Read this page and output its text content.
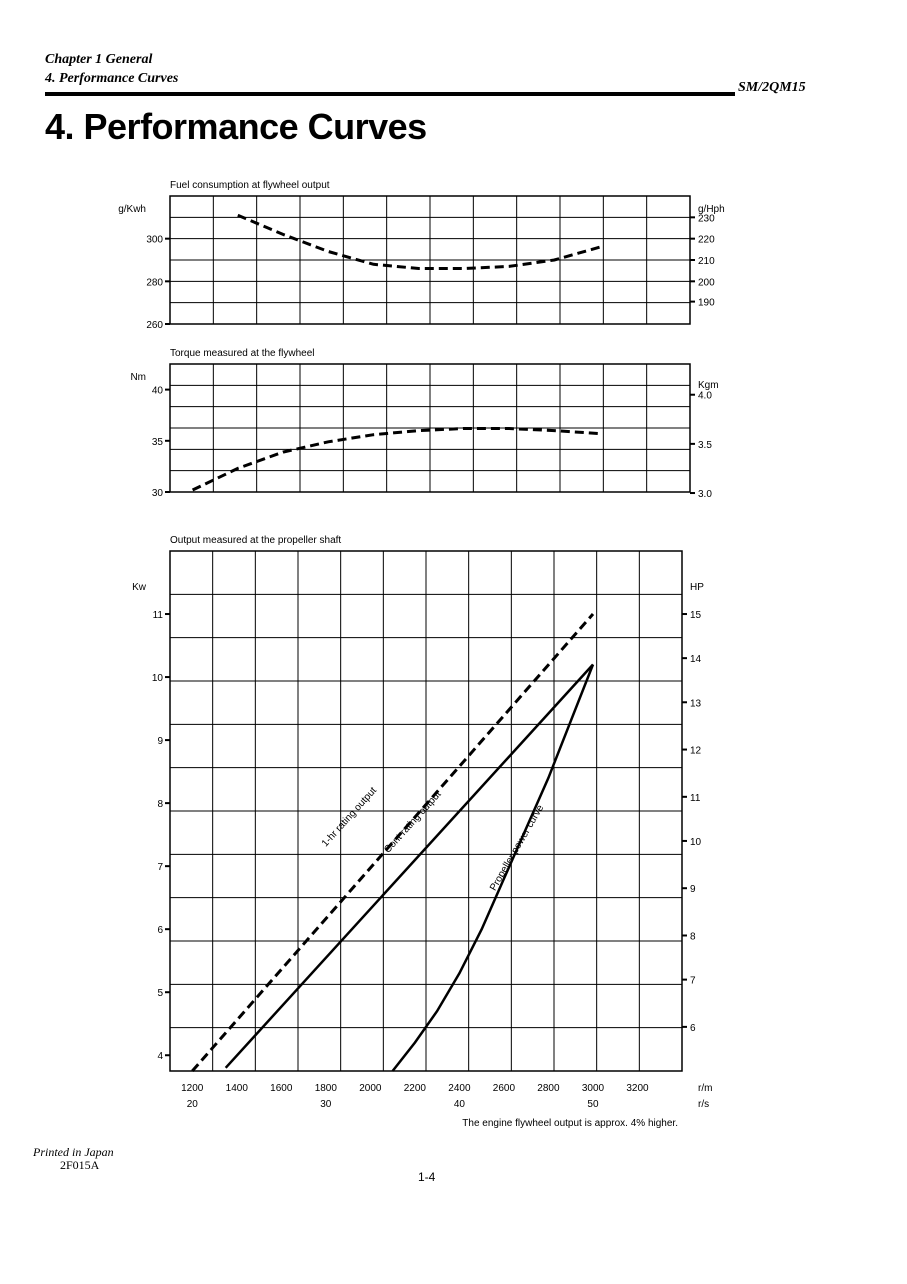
Chapter 1 General
4. Performance Curves
SM/2QM15
4. Performance Curves
Fuel consumption at flywheel output
g/Kwh	g/Hph
300
280
260
230
220
210
200
190
Torque measured at the flywheel
Nm
Kgm
40
35
30
4.0
3.5
3.0
Output measured at the propeller shaft
Kw	HP
11
10
9
8
7
6
5
4
15
14
13
12
11
10
9
8
7
6
1200 1400 1600 1800 2000 2200 2400 2600 2800 3000 3200
20	30	40	50
r/m
r/s
The engine flywheel output is approx. 4% higher.
1-hr rating output Cont rating output	Propeller power curve
Printed in Japan
2F015A
1-4
